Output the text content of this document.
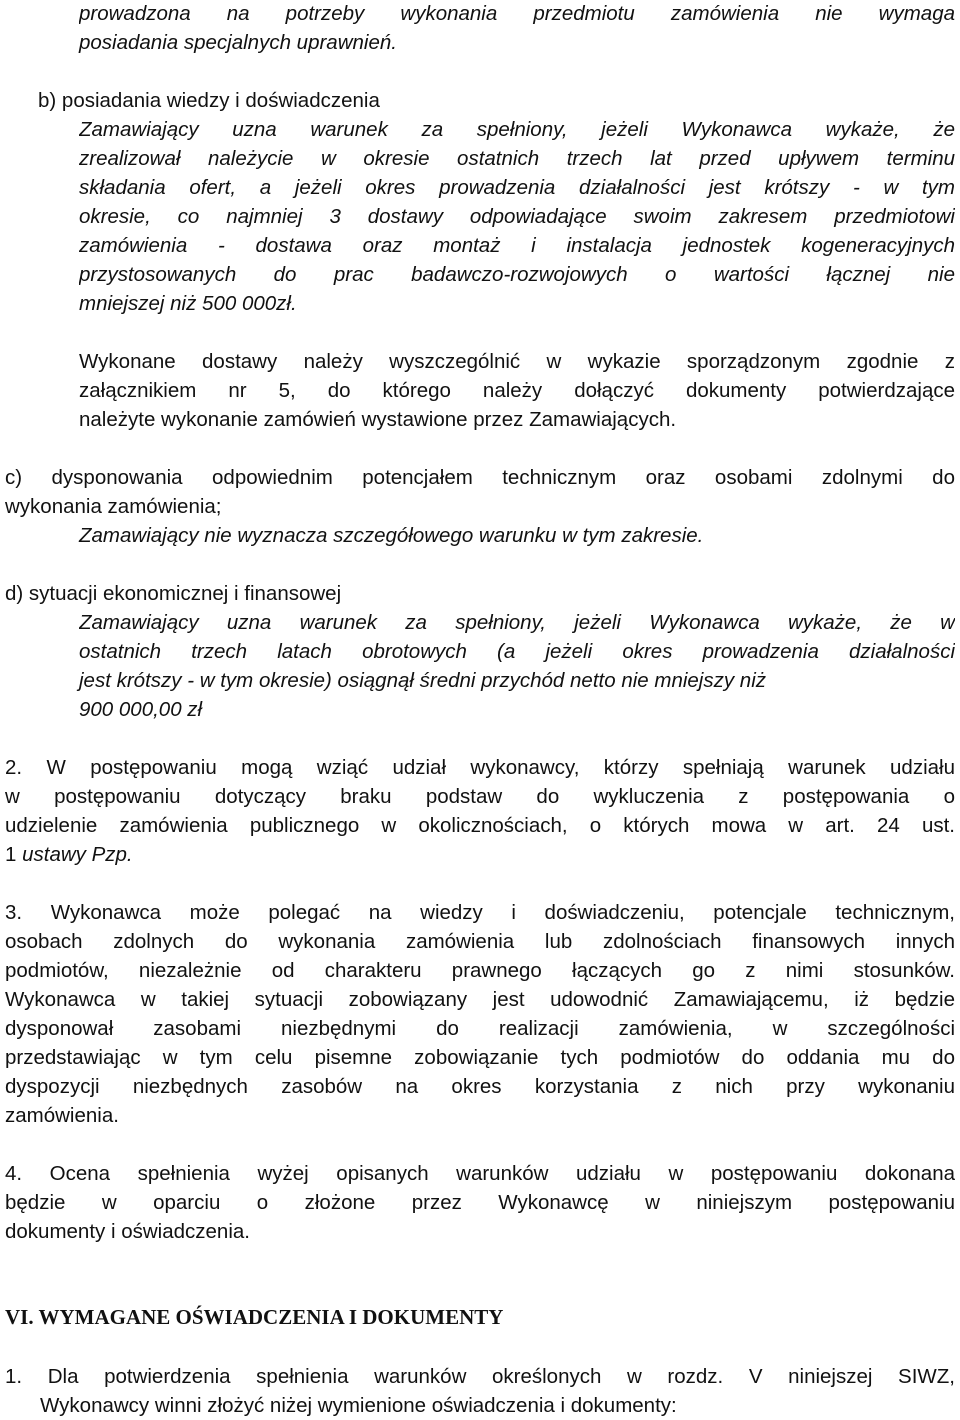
prowadzona na potrzeby wykonania przedmiotu zamówienia nie wymaga
posiadania specjalnych uprawnień.
b) posiadania wiedzy i doświadczenia
Zamawiający uzna warunek za spełniony, jeżeli Wykonawca wykaże, że
zrealizował należycie w okresie ostatnich trzech lat przed upływem terminu
składania ofert, a jeżeli okres prowadzenia działalności jest krótszy - w tym
okresie, co najmniej 3 dostawy odpowiadające swoim zakresem przedmiotowi
zamówienia - dostawa oraz montaż i instalacja jednostek kogeneracyjnych
przystosowanych do prac badawczo-rozwojowych o wartości łącznej nie
mniejszej niż 500 000zł.
Wykonane dostawy należy wyszczególnić w wykazie sporządzonym zgodnie z
załącznikiem nr 5, do którego należy dołączyć dokumenty potwierdzające
należyte wykonanie zamówień wystawione przez Zamawiających.
c) dysponowania odpowiednim potencjałem technicznym oraz osobami zdolnymi do
wykonania zamówienia;
Zamawiający nie wyznacza szczegółowego warunku w tym zakresie.
d) sytuacji ekonomicznej i finansowej
Zamawiający uzna warunek za spełniony, jeżeli Wykonawca wykaże, że w
ostatnich trzech latach obrotowych (a jeżeli okres prowadzenia działalności
jest krótszy - w tym okresie) osiągnął średni przychód netto nie mniejszy niż
900 000,00 zł
2. W postępowaniu mogą wziąć udział wykonawcy, którzy spełniają warunek udziału
w postępowaniu dotyczący braku podstaw do wykluczenia z postępowania o
udzielenie zamówienia publicznego w okolicznościach, o których mowa w art. 24 ust.
1 ustawy Pzp.
3. Wykonawca może polegać na wiedzy i doświadczeniu, potencjale technicznym,
osobach zdolnych do wykonania zamówienia lub zdolnościach finansowych innych
podmiotów, niezależnie od charakteru prawnego łączących go z nimi stosunków.
Wykonawca w takiej sytuacji zobowiązany jest udowodnić Zamawiającemu, iż będzie
dysponował zasobami niezbędnymi do realizacji zamówienia, w szczególności
przedstawiając w tym celu pisemne zobowiązanie tych podmiotów do oddania mu do
dyspozycji niezbędnych zasobów na okres korzystania z nich przy wykonaniu
zamówienia.
4. Ocena spełnienia wyżej opisanych warunków udziału w postępowaniu dokonana
będzie w oparciu o złożone przez Wykonawcę w niniejszym postępowaniu
dokumenty i oświadczenia.
VI. WYMAGANE OŚWIADCZENIA I DOKUMENTY
1. Dla potwierdzenia spełnienia warunków określonych w rozdz. V niniejszej SIWZ,
Wykonawcy winni złożyć niżej wymienione oświadczenia i dokumenty:
